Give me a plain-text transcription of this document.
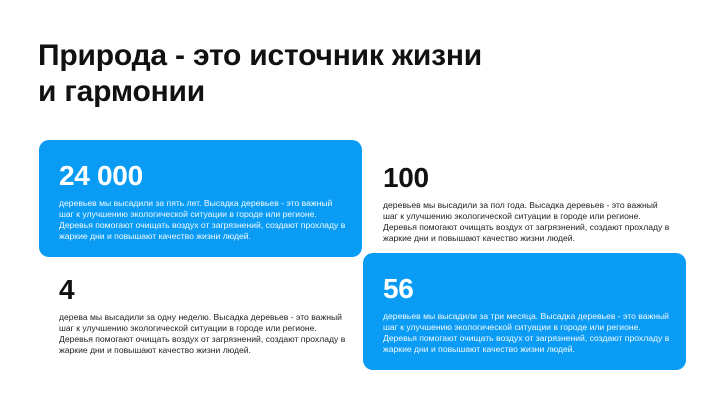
Природа - это источник жизни и гармонии

24 000

деревьев мы высадили за пять лет. Высадка деревьев - это важный шаг к улучшению экологической ситуации в городе или регионе. Деревья помогают очищать воздух от загрязнений, создают прохладу в жаркие дни и повышают качество жизни людей.

100

деревьев мы высадили за пол года. Высадка деревьев - это важный шаг к улучшению экологической ситуации в городе или регионе. Деревья помогают очищать воздух от загрязнений, создают прохладу в жаркие дни и повышают качество жизни людей.

4

дерева мы высадили за одну неделю. Высадка деревьев - это важный шаг к улучшению экологической ситуации в городе или регионе. Деревья помогают очищать воздух от загрязнений, создают прохладу в жаркие дни и повышают качество жизни людей.

56

деревьев мы высадили за три месяца. Высадка деревьев - это важный шаг к улучшению экологической ситуации в городе или регионе. Деревья помогают очищать воздух от загрязнений, создают прохладу в жаркие дни и повышают качество жизни людей.
